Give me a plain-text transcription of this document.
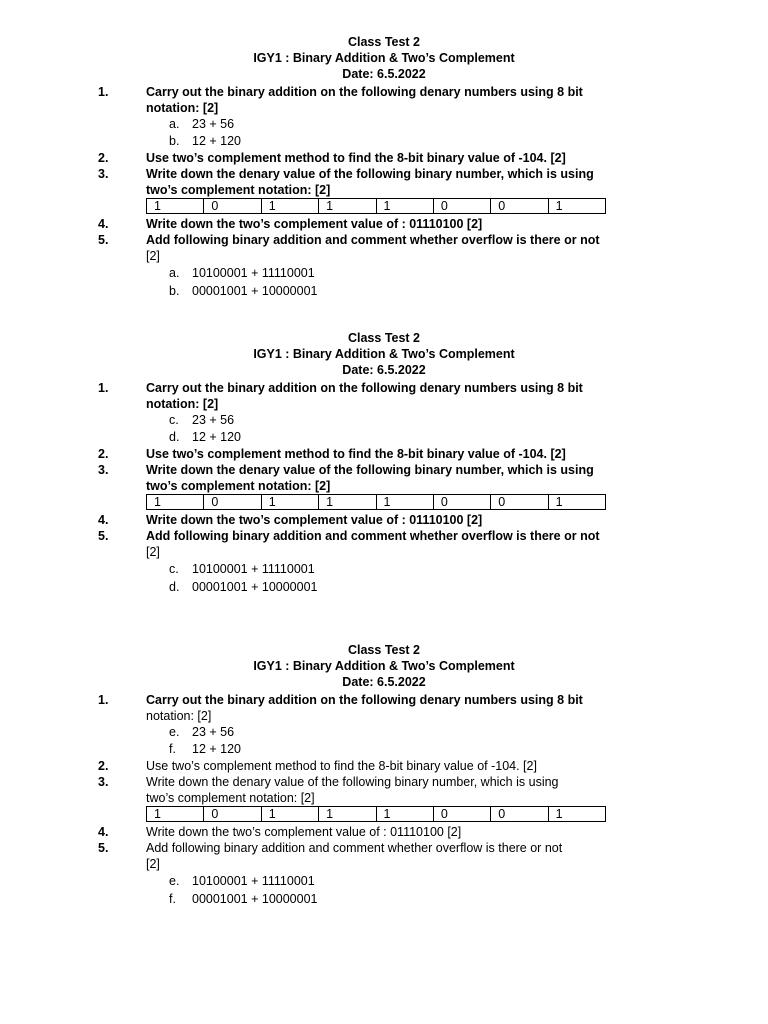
Class Test 2
IGY1 : Binary Addition & Two’s Complement
Date: 6.5.2022
1.	Carry out the binary addition on the following denary numbers using 8 bit
notation: [2]
a. 23 + 56
b. 12 + 120
2.	Use two’s complement method to find the 8-bit binary value of -104. [2]
3.	Write down the denary value of the following binary number, which is using
two’s complement notation: [2]
1	0	1	1	1	0	0	1
4.	Write down the two’s complement value of : 01110100 [2]
5.	Add following binary addition and comment whether overflow is there or not
[2]
a. 10100001 + 11110001
b. 00001001 + 10000001
Class Test 2
IGY1 : Binary Addition & Two’s Complement
Date: 6.5.2022
1.	Carry out the binary addition on the following denary numbers using 8 bit
notation: [2]
c. 23 + 56
d. 12 + 120
2.	Use two’s complement method to find the 8-bit binary value of -104. [2]
3.	Write down the denary value of the following binary number, which is using
two’s complement notation: [2]
1	0	1	1	1	0	0	1
4.	Write down the two’s complement value of : 01110100 [2]
5.	Add following binary addition and comment whether overflow is there or not
[2]
c. 10100001 + 11110001
d. 00001001 + 10000001
Class Test 2
IGY1 : Binary Addition & Two’s Complement
Date: 6.5.2022
1.	Carry out the binary addition on the following denary numbers using 8 bit
notation: [2]
e. 23 + 56
f. 12 + 120
2.	Use two’s complement method to find the 8-bit binary value of -104. [2]
3.	Write down the denary value of the following binary number, which is using
two’s complement notation: [2]
1	0	1	1	1	0	0	1
4.	Write down the two’s complement value of : 01110100 [2]
5.	Add following binary addition and comment whether overflow is there or not
[2]
e. 10100001 + 11110001
f. 00001001 + 10000001
